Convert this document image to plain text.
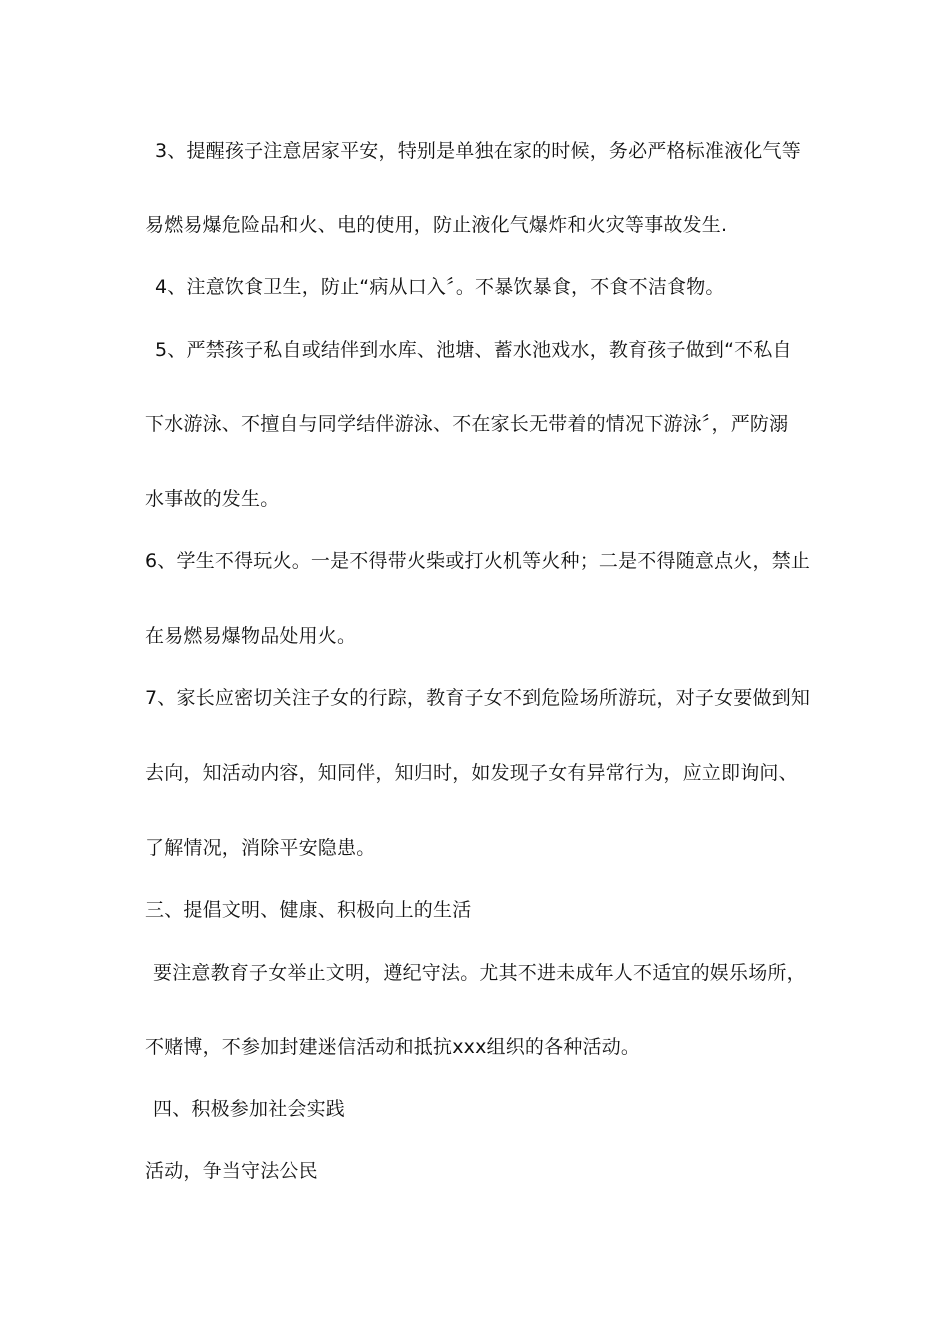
3、提醒孩子注意居家平安，特别是单独在家的时候，务必严格标准液化气等
易燃易爆危险品和火、电的使用，防止液化气爆炸和火灾等事故发生.
4、注意饮食卫生，防止“病从口入〞。不暴饮暴食，不食不洁食物。
5、严禁孩子私自或结伴到水库、池塘、蓄水池戏水，教育孩子做到“不私自
下水游泳、不擅自与同学结伴游泳、不在家长无带着的情况下游泳〞，严防溺
水事故的发生。
6、学生不得玩火。一是不得带火柴或打火机等火种；二是不得随意点火，禁止
在易燃易爆物品处用火。
7、家长应密切关注子女的行踪，教育子女不到危险场所游玩，对子女要做到知
去向，知活动内容，知同伴，知归时，如发现子女有异常行为，应立即询问、
了解情况，消除平安隐患。
三、提倡文明、健康、积极向上的生活
要注意教育子女举止文明，遵纪守法。尤其不进未成年人不适宜的娱乐场所，
不赌博，不参加封建迷信活动和抵抗xxx组织的各种活动。
四、积极参加社会实践
活动，争当守法公民
